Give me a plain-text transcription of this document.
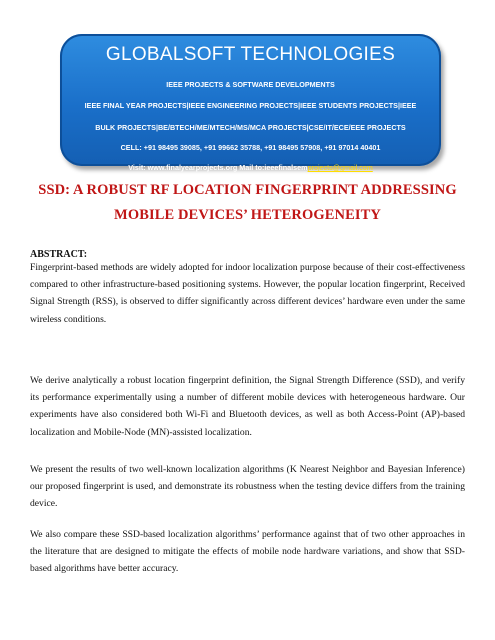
GLOBALSOFT TECHNOLOGIES
IEEE PROJECTS & SOFTWARE DEVELOPMENTS
IEEE FINAL YEAR PROJECTS|IEEE ENGINEERING PROJECTS|IEEE STUDENTS PROJECTS|IEEE
BULK PROJECTS|BE/BTECH/ME/MTECH/MS/MCA PROJECTS|CSE/IT/ECE/EEE PROJECTS
CELL: +91 98495 39085, +91 99662 35788, +91 98495 57908, +91 97014 40401
Visit: www.finalyearprojects.org Mail to:ieeefinalsemprojects@gmail.com
SSD: A ROBUST RF LOCATION FINGERPRINT ADDRESSING
MOBILE DEVICES’ HETEROGENEITY
ABSTRACT:

Fingerprint-based methods are widely adopted for indoor localization purpose because of their cost-effectiveness compared to other infrastructure-based positioning systems. However, the popular location fingerprint, Received Signal Strength (RSS), is observed to differ significantly across different devices’ hardware even under the same wireless conditions.

We derive analytically a robust location fingerprint definition, the Signal Strength Difference (SSD), and verify its performance experimentally using a number of different mobile devices with heterogeneous hardware. Our experiments have also considered both Wi-Fi and Bluetooth devices, as well as both Access-Point (AP)-based localization and Mobile-Node (MN)-assisted localization.

We present the results of two well-known localization algorithms (K Nearest Neighbor and Bayesian Inference) our proposed fingerprint is used, and demonstrate its robustness when the testing device differs from the training device.

We also compare these SSD-based localization algorithms’ performance against that of two other approaches in the literature that are designed to mitigate the effects of mobile node hardware variations, and show that SSD-based algorithms have better accuracy.
